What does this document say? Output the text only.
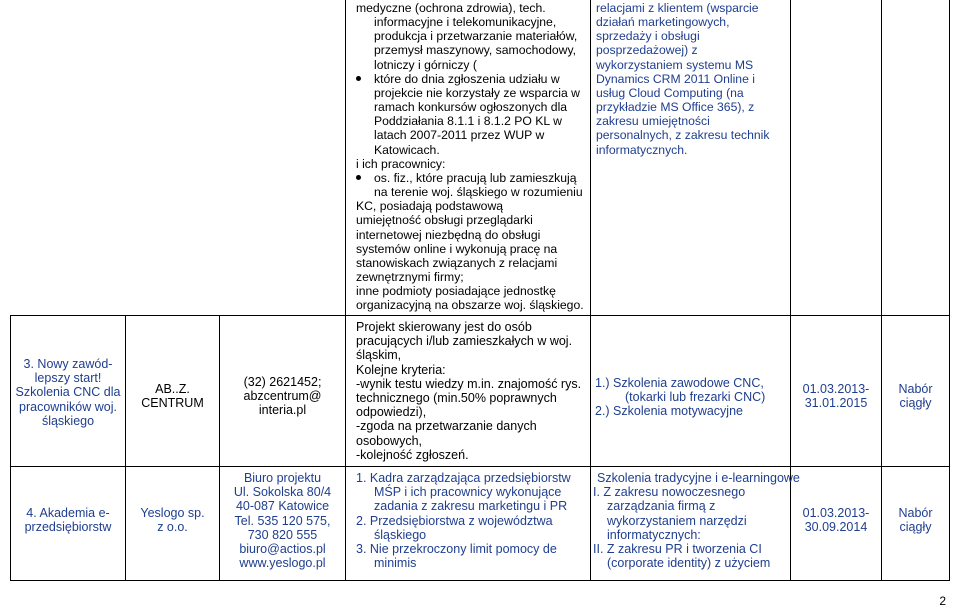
medyczne (ochrona zdrowia), tech.
informacyjne i telekomunikacyjne,
produkcja i przetwarzanie materiałów,
przemysł maszynowy, samochodowy,
lotniczy i górniczy (
które do dnia zgłoszenia udziału w
projekcie nie korzystały ze wsparcia w
ramach konkursów ogłoszonych dla
Poddziałania 8.1.1 i 8.1.2 PO KL w
latach 2007-2011 przez WUP w
Katowicach.
i ich pracownicy:
os. fiz., które pracują lub zamieszkują
na terenie woj. śląskiego w rozumieniu
KC, posiadają podstawową
umiejętność obsługi przeglądarki
internetowej niezbędną do obsługi
systemów online i wykonują pracę na
stanowiskach związanych z relacjami
zewnętrznymi firmy;
inne podmioty posiadające jednostkę
organizacyjną na obszarze woj. śląskiego.
relacjami z klientem (wsparcie
działań marketingowych,
sprzedaży i obsługi
posprzedażowej) z
wykorzystaniem systemu MS
Dynamics CRM 2011 Online i
usług Cloud Computing (na
przykładzie MS Office 365), z
zakresu umiejętności
personalnych, z zakresu technik
informatycznych.
3. Nowy zawód-
lepszy start!
Szkolenia CNC dla
pracowników woj.
śląskiego
AB..Z.
CENTRUM
(32) 2621452;
abzcentrum@
interia.pl
Projekt skierowany jest do osób
pracujących i/lub zamieszkałych w woj.
śląskim,
Kolejne kryteria:
-wynik testu wiedzy m.in. znajomość rys.
technicznego (min.50% poprawnych
odpowiedzi),
-zgoda na przetwarzanie danych
osobowych,
-kolejność zgłoszeń.
1.) Szkolenia zawodowe CNC,
(tokarki lub frezarki CNC)
2.) Szkolenia motywacyjne
01.03.2013-
31.01.2015
Nabór
ciągły
4. Akademia e-
przedsiębiorstw
Yeslogo sp.
z o.o.
Biuro projektu
Ul. Sokolska 80/4
40-087 Katowice
Tel. 535 120 575,
730 820 555
biuro@actios.pl
www.yeslogo.pl
1. Kadra zarządzająca przedsiębiorstw
MŚP i ich pracownicy wykonujące
zadania z zakresu marketingu i PR
2. Przedsiębiorstwa z województwa
śląskiego
3. Nie przekroczony limit pomocy de
minimis
Szkolenia tradycyjne i e-learningowe
I. Z zakresu nowoczesnego
zarządzania firmą z
wykorzystaniem narzędzi
informatycznych:
II. Z zakresu PR i tworzenia CI
(corporate identity) z użyciem
01.03.2013-
30.09.2014
Nabór
ciągły
2
